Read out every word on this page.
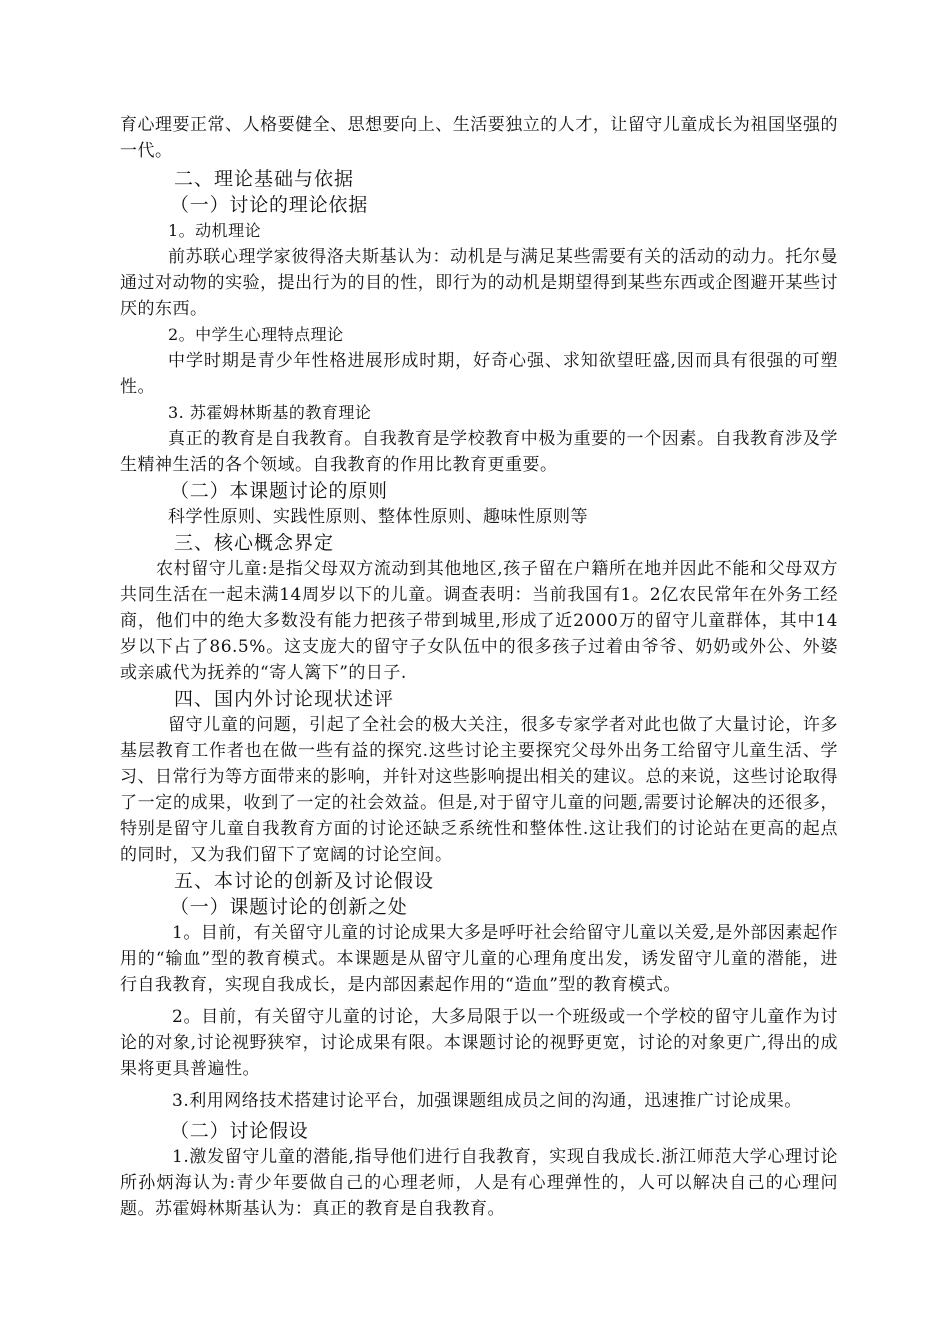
育心理要正常、人格要健全、思想要向上、生活要独立的人才，让留守儿童成长为祖国坚强的一代。

二、理论基础与依据

（一）讨论的理论依据

1。动机理论

前苏联心理学家彼得洛夫斯基认为：动机是与满足某些需要有关的活动的动力。托尔曼通过对动物的实验，提出行为的目的性，即行为的动机是期望得到某些东西或企图避开某些讨厌的东西。

2。中学生心理特点理论

中学时期是青少年性格进展形成时期，好奇心强、求知欲望旺盛,因而具有很强的可塑性。

3. 苏霍姆林斯基的教育理论

真正的教育是自我教育。自我教育是学校教育中极为重要的一个因素。自我教育涉及学生精神生活的各个领域。自我教育的作用比教育更重要。

（二）本课题讨论的原则

科学性原则、实践性原则、整体性原则、趣味性原则等

三、核心概念界定

农村留守儿童:是指父母双方流动到其他地区,孩子留在户籍所在地并因此不能和父母双方共同生活在一起未满14周岁以下的儿童。调查表明：当前我国有1。2亿农民常年在外务工经商，他们中的绝大多数没有能力把孩子带到城里,形成了近2000万的留守儿童群体，其中14岁以下占了86.5%。这支庞大的留守子女队伍中的很多孩子过着由爷爷、奶奶或外公、外婆或亲戚代为抚养的“寄人篱下”的日子.

四、国内外讨论现状述评

留守儿童的问题，引起了全社会的极大关注，很多专家学者对此也做了大量讨论，许多基层教育工作者也在做一些有益的探究.这些讨论主要探究父母外出务工给留守儿童生活、学习、日常行为等方面带来的影响，并针对这些影响提出相关的建议。总的来说，这些讨论取得了一定的成果，收到了一定的社会效益。但是,对于留守儿童的问题,需要讨论解决的还很多，特别是留守儿童自我教育方面的讨论还缺乏系统性和整体性.这让我们的讨论站在更高的起点的同时，又为我们留下了宽阔的讨论空间。

五、本讨论的创新及讨论假设

（一）课题讨论的创新之处

1。目前，有关留守儿童的讨论成果大多是呼吁社会给留守儿童以关爱,是外部因素起作用的“输血”型的教育模式。本课题是从留守儿童的心理角度出发，诱发留守儿童的潜能，进行自我教育，实现自我成长，是内部因素起作用的“造血”型的教育模式。

2。目前，有关留守儿童的讨论，大多局限于以一个班级或一个学校的留守儿童作为讨论的对象,讨论视野狭窄，讨论成果有限。本课题讨论的视野更宽，讨论的对象更广,得出的成果将更具普遍性。

3.利用网络技术搭建讨论平台，加强课题组成员之间的沟通，迅速推广讨论成果。

（二）讨论假设

1.激发留守儿童的潜能,指导他们进行自我教育，实现自我成长.浙江师范大学心理讨论所孙炳海认为:青少年要做自己的心理老师，人是有心理弹性的，人可以解决自己的心理问题。苏霍姆林斯基认为：真正的教育是自我教育。
